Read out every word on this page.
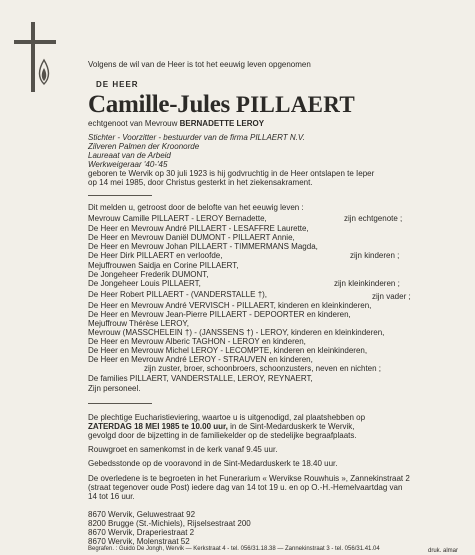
Volgens de wil van de Heer is tot het eeuwig leven opgenomen
DE HEER
Camille-Jules PILLAERT
echtgenoot van Mevrouw BERNADETTE LEROY
Stichter - Voorzitter - bestuurder van de firma PILLAERT N.V.
Zilveren Palmen der Kroonorde
Laureaat van de Arbeid
Werkweigeraar '40-'45
geboren te Wervik op 30 juli 1923 is hij godvruchtig in de Heer ontslapen te Ieper
op 14 mei 1985, door Christus gesterkt in het ziekensakrament.
Dit melden u, getroost door de belofte van het eeuwig leven :
Mevrouw Camille PILLAERT - LEROY Bernadette,	zijn echtgenote ;
De Heer en Mevrouw André PILLAERT - LESAFFRE Laurette,
De Heer en Mevrouw Daniël DUMONT - PILLAERT Annie,
De Heer en Mevrouw Johan PILLAERT - TIMMERMANS Magda,
De Heer Dirk PILLAERT en verloofde,	zijn kinderen ;
Mejuffrouwen Saidja en Corine PILLAERT,
De Jongeheer Frederik DUMONT,
De Jongeheer Louis PILLAERT,	zijn kleinkinderen ;
De Heer Robert PILLAERT - (VANDERSTALLE †),	zijn vader ;
De Heer en Mevrouw André VERVISCH - PILLAERT, kinderen en kleinkinderen,
De Heer en Mevrouw Jean-Pierre PILLAERT - DEPOORTER en kinderen,
Mejuffrouw Thérèse LEROY,
Mevrouw (MASSCHELEIN †) - (JANSSENS †) - LEROY, kinderen en kleinkinderen,
De Heer en Mevrouw Alberic TAGHON - LEROY en kinderen,
De Heer en Mevrouw Michel LEROY - LECOMPTE, kinderen en kleinkinderen,
De Heer en Mevrouw André LEROY - STRAUVEN en kinderen,
zijn zuster, broer, schoonbroers, schoonzusters, neven en nichten ;
De families PILLAERT, VANDERSTALLE, LEROY, REYNAERT,
Zijn personeel.
De plechtige Eucharistieviering, waartoe u is uitgenodigd, zal plaatshebben op
ZATERDAG 18 MEI 1985 te 10.00 uur, in de Sint-Medarduskerk te Wervik,
gevolgd door de bijzetting in de familiekelder op de stedelijke begraafplaats.
Rouwgroet en samenkomst in de kerk vanaf 9.45 uur.
Gebedsstonde op de vooravond in de Sint-Medarduskerk te 18.40 uur.
De overledene is te begroeten in het Funerarium « Wervikse Rouwhuis », Zannekinstraat 2
(straat tegenover oude Post) iedere dag van 14 tot 19 u. en op O.-H.-Hemelvaartdag van
14 tot 16 uur.
8670 Wervik, Geluwestraat 92
8200 Brugge (St.-Michiels), Rijselsestraat 200
8670 Wervik, Draperiestraat 2
Begrafen. : Guido De Jongh, Wervik — Kerkstraat 4 - tel. 056/31.18.38 — Zannekinstraat 3 - tel. 056/31.41.04	druk. almar
8670 Wervik, Molenstraat 52
